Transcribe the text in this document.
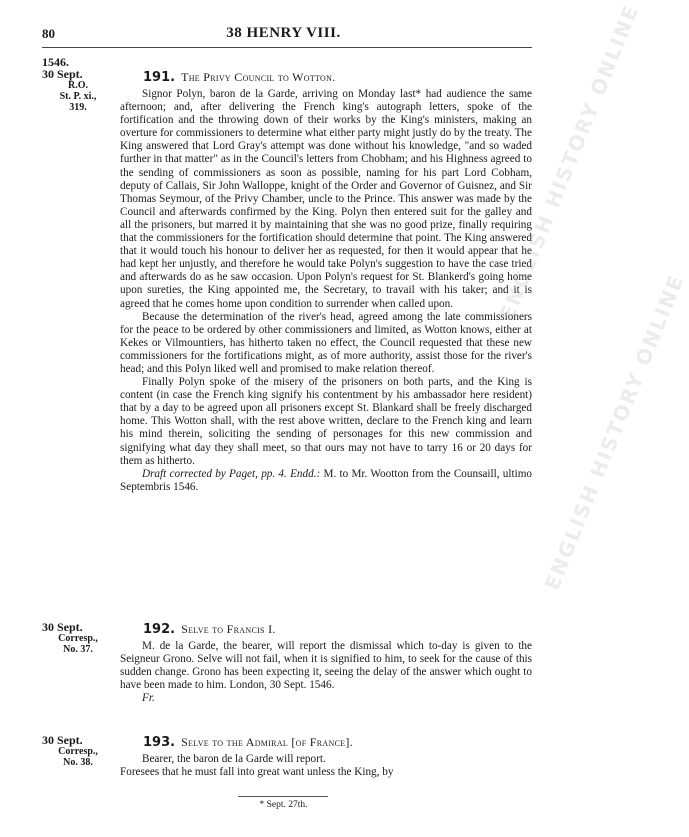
80	38 HENRY VIII.
1546.
30 Sept.
R.O.
St. P. xi.,
319.
191. The Privy Council to Wotton.

Signor Polyn, baron de la Garde, arriving on Monday last* had audience the same afternoon; and, after delivering the French king's autograph letters, spoke of the fortification and the throwing down of their works by the King's ministers, making an overture for commissioners to determine what either party might justly do by the treaty. The King answered that Lord Gray's attempt was done without his knowledge, "and so waded further in that matter" as in the Council's letters from Chobham; and his Highness agreed to the sending of commissioners as soon as possible, naming for his part Lord Cobham, deputy of Callais, Sir John Walloppe, knight of the Order and Governor of Guisnez, and Sir Thomas Seymour, of the Privy Chamber, uncle to the Prince. This answer was made by the Council and afterwards confirmed by the King. Polyn then entered suit for the galley and all the prisoners, but marred it by maintaining that she was no good prize, finally requiring that the commissioners for the fortification should determine that point. The King answered that it would touch his honour to deliver her as requested, for then it would appear that he had kept her unjustly, and therefore he would take Polyn's suggestion to have the case tried and afterwards do as he saw occasion. Upon Polyn's request for St. Blankerd's going home upon sureties, the King appointed me, the Secretary, to travail with his taker; and it is agreed that he comes home upon condition to surrender when called upon.

Because the determination of the river's head, agreed among the late commissioners for the peace to be ordered by other commissioners and limited, as Wotton knows, either at Kekes or Vilmountiers, has hitherto taken no effect, the Council requested that these new commissioners for the fortifications might, as of more authority, assist those for the river's head; and this Polyn liked well and promised to make relation thereof.

Finally Polyn spoke of the misery of the prisoners on both parts, and the King is content (in case the French king signify his contentment by his ambassador here resident) that by a day to be agreed upon all prisoners except St. Blankard shall be freely discharged home. This Wotton shall, with the rest above written, declare to the French king and learn his mind therein, soliciting the sending of personages for this new commission and signifying what day they shall meet, so that ours may not have to tarry 16 or 20 days for them as hitherto.

Draft corrected by Paget, pp. 4. Endd.: M. to Mr. Wootton from the Counsaill, ultimo Septembris 1546.

30 Sept.
Corresp.,
No. 37.
192. Selve to Francis I.

M. de la Garde, the bearer, will report the dismissal which to-day is given to the Seigneur Grono. Selve will not fail, when it is signified to him, to seek for the cause of this sudden change. Grono has been expecting it, seeing the delay of the answer which ought to have been made to him. London, 30 Sept. 1546.

Fr.

30 Sept.
Corresp.,
No. 38.
193. Selve to the Admiral [of France].

Bearer, the baron de la Garde will report.

Foresees that he must fall into great want unless the King, by

* Sept. 27th.
ENGLISH HISTORY ONLINE
ENGLISH HISTORY ONLINE
